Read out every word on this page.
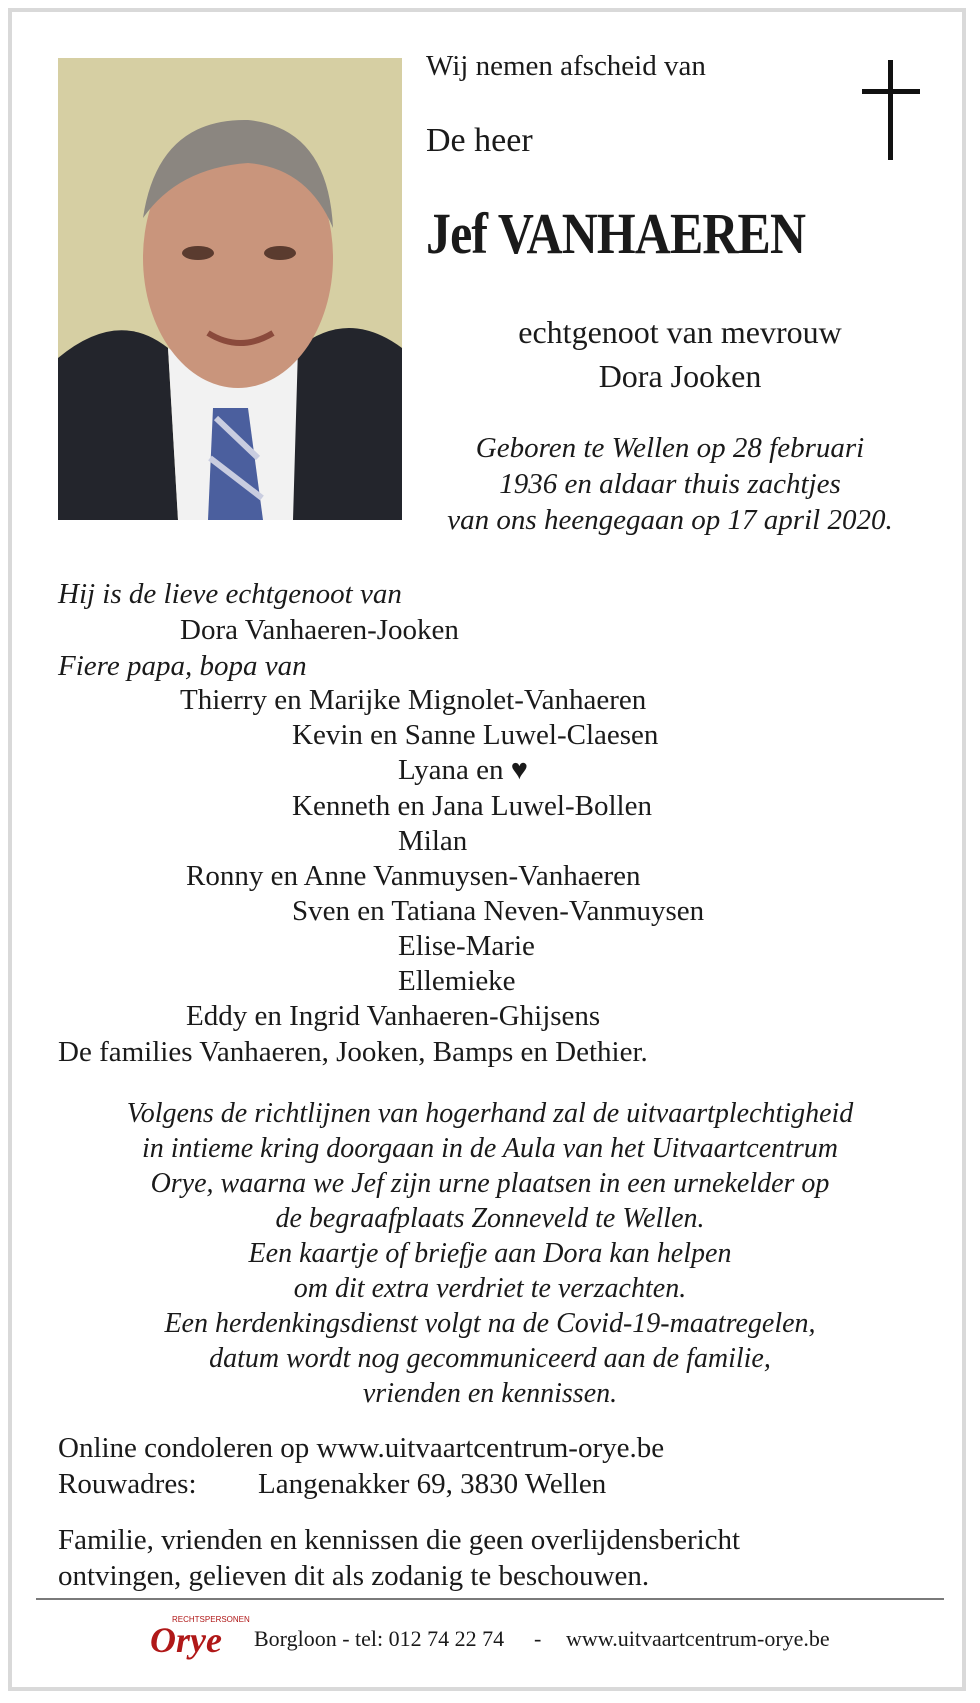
Wij nemen afscheid van
De heer
Jef VANHAEREN
echtgenoot van mevrouw
Dora Jooken
Geboren te Wellen op 28 februari
1936 en aldaar thuis zachtjes
van ons heengegaan op 17 april 2020.
Hij is de lieve echtgenoot van
Dora Vanhaeren-Jooken
Fiere papa, bopa van
Thierry en Marijke Mignolet-Vanhaeren
Kevin en Sanne Luwel-Claesen
Lyana en ♥
Kenneth en Jana Luwel-Bollen
Milan
Ronny en Anne Vanmuysen-Vanhaeren
Sven en Tatiana Neven-Vanmuysen
Elise-Marie
Ellemieke
Eddy en Ingrid Vanhaeren-Ghijsens
De families Vanhaeren, Jooken, Bamps en Dethier.
Volgens de richtlijnen van hogerhand zal de uitvaartplechtigheid
in intieme kring doorgaan in de Aula van het Uitvaartcentrum
Orye, waarna we Jef zijn urne plaatsen in een urnekelder op
de begraafplaats Zonneveld te Wellen.
Een kaartje of briefje aan Dora kan helpen
om dit extra verdriet te verzachten.
Een herdenkingsdienst volgt na de Covid-19-maatregelen,
datum wordt nog gecommuniceerd aan de familie,
vrienden en kennissen.
Online condoleren op www.uitvaartcentrum-orye.be
Rouwadres: Langenakker 69, 3830 Wellen
Familie, vrienden en kennissen die geen overlijdensbericht
ontvingen, gelieven dit als zodanig te beschouwen.
RECHTSPERSONEN
Orye Borgloon - tel: 012 74 22 74 - www.uitvaartcentrum-orye.be
